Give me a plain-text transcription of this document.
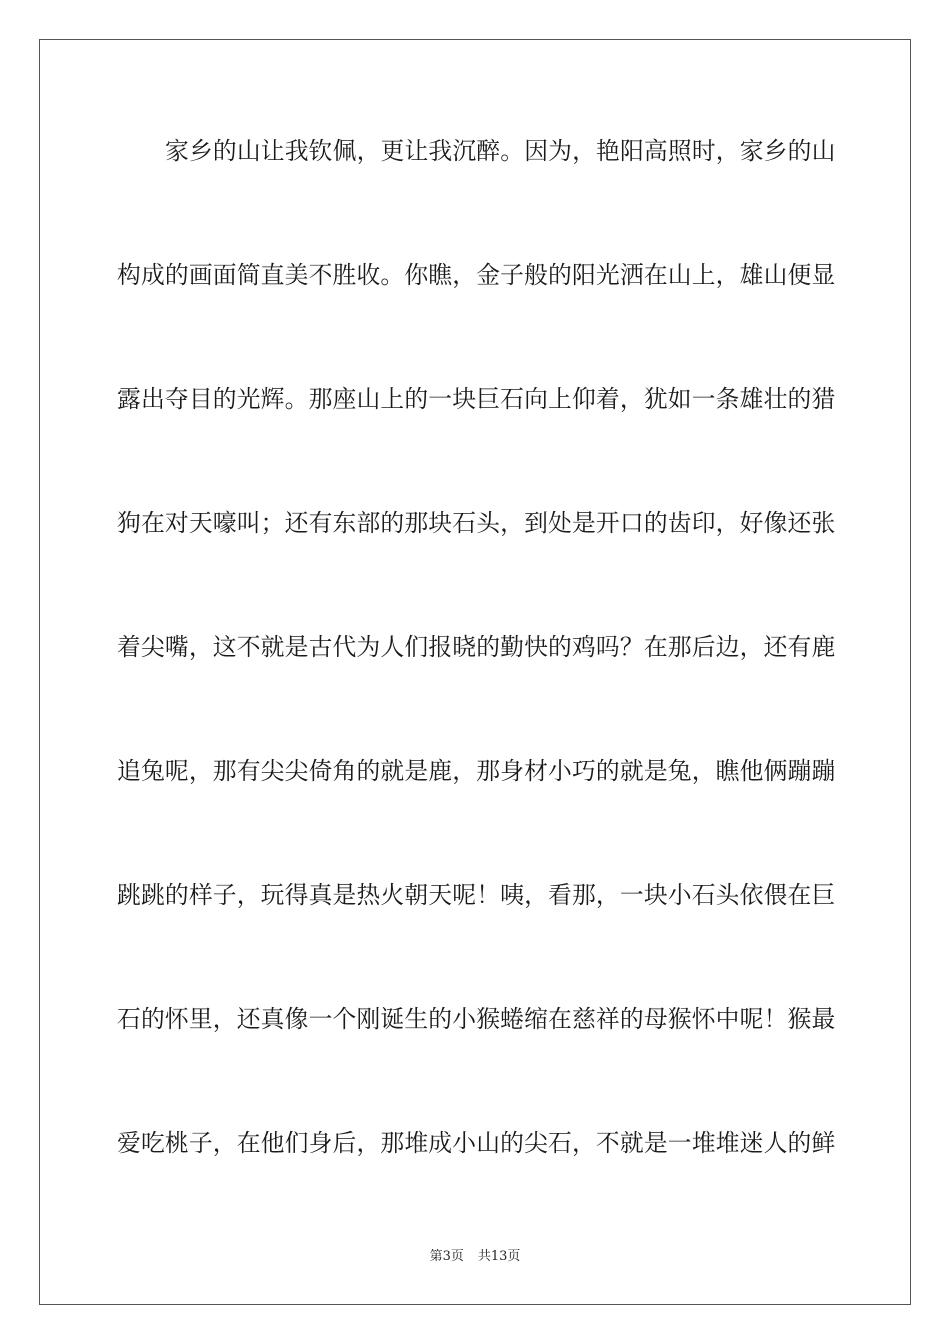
家乡的山让我钦佩，更让我沉醉。因为，艳阳高照时，家乡的山
构成的画面简直美不胜收。你瞧，金子般的阳光洒在山上，雄山便显
露出夺目的光辉。那座山上的一块巨石向上仰着，犹如一条雄壮的猎
狗在对天嚎叫；还有东部的那块石头，到处是开口的齿印，好像还张
着尖嘴，这不就是古代为人们报晓的勤快的鸡吗？在那后边，还有鹿
追兔呢，那有尖尖倚角的就是鹿，那身材小巧的就是兔，瞧他俩蹦蹦
跳跳的样子，玩得真是热火朝天呢！咦，看那，一块小石头依偎在巨
石的怀里，还真像一个刚诞生的小猴蜷缩在慈祥的母猴怀中呢！猴最
爱吃桃子，在他们身后，那堆成小山的尖石，不就是一堆堆迷人的鲜
第3页 共13页
